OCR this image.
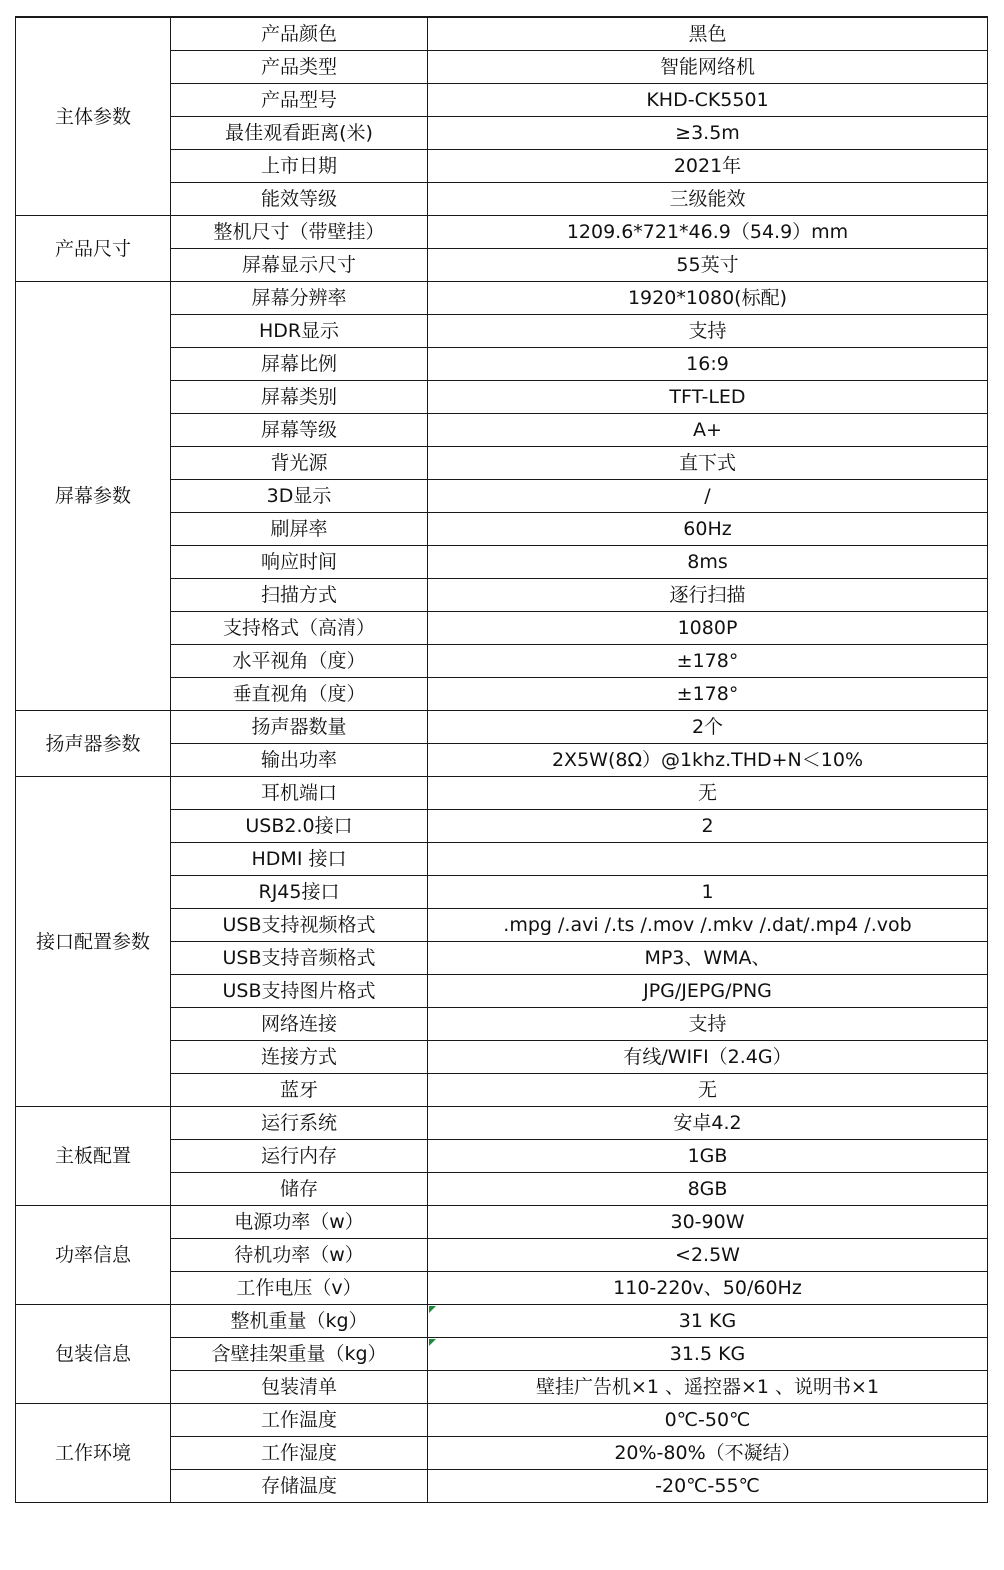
主体参数	产品颜色	黑色
	产品类型	智能网络机
	产品型号	KHD-CK5501
	最佳观看距离(米)	≥3.5m
	上市日期	2021年
	能效等级	三级能效
产品尺寸	整机尺寸（带壁挂）	1209.6*721*46.9（54.9）mm
	屏幕显示尺寸	55英寸
屏幕参数	屏幕分辨率	1920*1080(标配)
	HDR显示	支持
	屏幕比例	16:9
	屏幕类别	TFT-LED
	屏幕等级	A+
	背光源	直下式
	3D显示	/
	刷屏率	60Hz
	响应时间	8ms
	扫描方式	逐行扫描
	支持格式（高清）	1080P
	水平视角（度）	±178°
	垂直视角（度）	±178°
扬声器参数	扬声器数量	2个
	输出功率	2X5W(8Ω）@1khz.THD+N＜10%
接口配置参数	耳机端口	无
	USB2.0接口	2
	HDMI 接口	
	RJ45接口	1
	USB支持视频格式	.mpg /.avi /.ts /.mov /.mkv /.dat/.mp4 /.vob
	USB支持音频格式	MP3、WMA、
	USB支持图片格式	JPG/JEPG/PNG
	网络连接	支持
	连接方式	有线/WIFI（2.4G）
	蓝牙	无
主板配置	运行系统	安卓4.2
	运行内存	1GB
	储存	8GB
功率信息	电源功率（w）	30-90W
	待机功率（w）	<2.5W
	工作电压（v）	110-220v、50/60Hz
包装信息	整机重量（kg）	31 KG
	含壁挂架重量（kg）	31.5 KG
	包装清单	壁挂广告机×1 、遥控器×1 、说明书×1
工作环境	工作温度	0℃-50℃
	工作湿度	20%-80%（不凝结）
	存储温度	-20℃-55℃
